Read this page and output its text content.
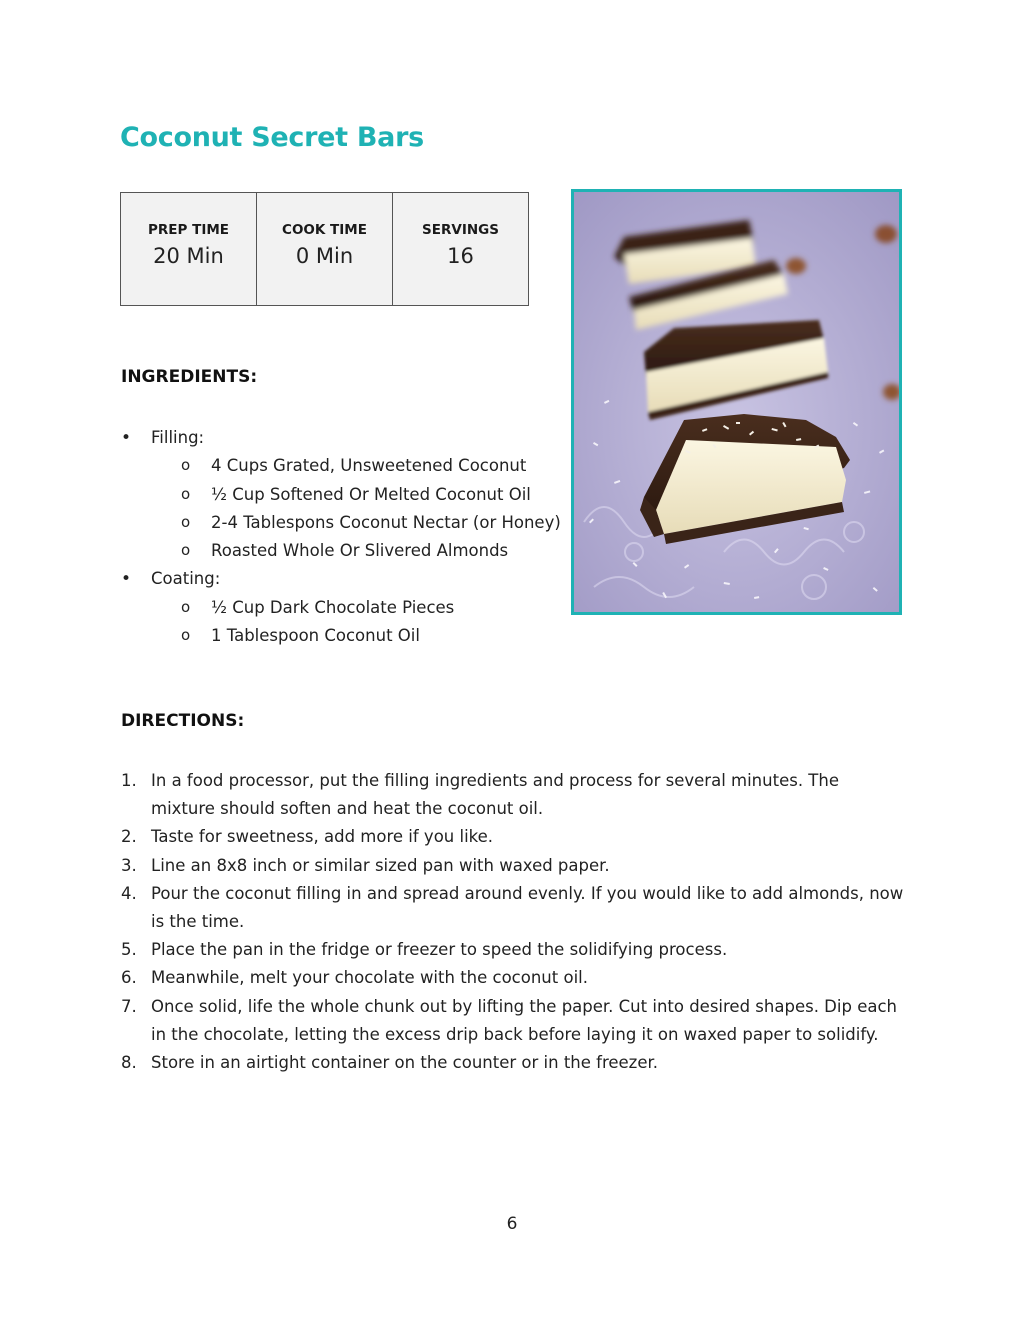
Coconut Secret Bars
PREP TIME
20 Min

COOK TIME
0 Min

SERVINGS
16
INGREDIENTS:
• Filling:
o 4 Cups Grated, Unsweetened Coconut
o ½ Cup Softened Or Melted Coconut Oil
o 2-4 Tablespons Coconut Nectar (or Honey)
o Roasted Whole Or Slivered Almonds
• Coating:
o ½ Cup Dark Chocolate Pieces
o 1 Tablespoon Coconut Oil
DIRECTIONS:
1. In a food processor, put the filling ingredients and process for several minutes. The mixture should soften and heat the coconut oil.
2. Taste for sweetness, add more if you like.
3. Line an 8x8 inch or similar sized pan with waxed paper.
4. Pour the coconut filling in and spread around evenly. If you would like to add almonds, now is the time.
5. Place the pan in the fridge or freezer to speed the solidifying process.
6. Meanwhile, melt your chocolate with the coconut oil.
7. Once solid, life the whole chunk out by lifting the paper. Cut into desired shapes. Dip each in the chocolate, letting the excess drip back before laying it on waxed paper to solidify.
8. Store in an airtight container on the counter or in the freezer.
6
